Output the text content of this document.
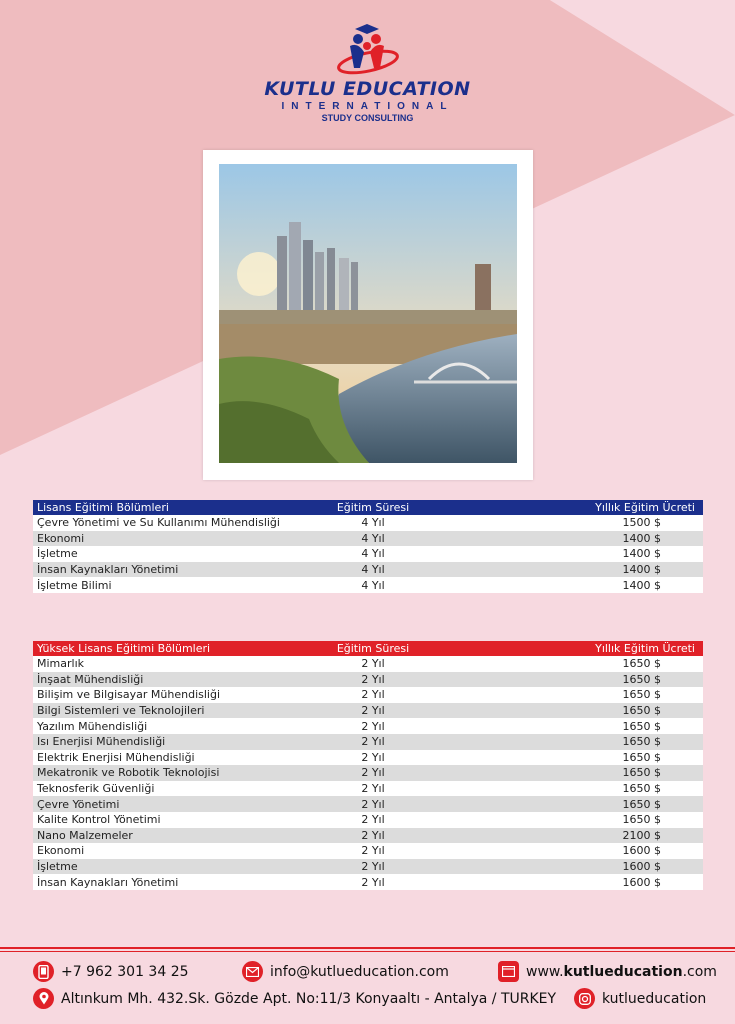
KUTLU EDUCATION
INTERNATIONAL
STUDY CONSULTING
Lisans Eğitimi Bölümleri	Eğitim Süresi	Yıllık Eğitim Ücreti
Çevre Yönetimi ve Su Kullanımı Mühendisliği	4 Yıl	1500 $
Ekonomi	4 Yıl	1400 $
İşletme	4 Yıl	1400 $
İnsan Kaynakları Yönetimi	4 Yıl	1400 $
İşletme Bilimi	4 Yıl	1400 $
Yüksek Lisans Eğitimi Bölümleri	Eğitim Süresi	Yıllık Eğitim Ücreti
Mimarlık	2 Yıl	1650 $
İnşaat Mühendisliği	2 Yıl	1650 $
Bilişim ve Bilgisayar Mühendisliği	2 Yıl	1650 $
Bilgi Sistemleri ve Teknolojileri	2 Yıl	1650 $
Yazılım Mühendisliği	2 Yıl	1650 $
Isı Enerjisi Mühendisliği	2 Yıl	1650 $
Elektrik Enerjisi Mühendisliği	2 Yıl	1650 $
Mekatronik ve Robotik Teknolojisi	2 Yıl	1650 $
Teknosferik Güvenliği	2 Yıl	1650 $
Çevre Yönetimi	2 Yıl	1650 $
Kalite Kontrol Yönetimi	2 Yıl	1650 $
Nano Malzemeler	2 Yıl	2100 $
Ekonomi	2 Yıl	1600 $
İşletme	2 Yıl	1600 $
İnsan Kaynakları Yönetimi	2 Yıl	1600 $
+7 962 301 34 25	info@kutlueducation.com	www.kutlueducation.com
Altınkum Mh. 432.Sk. Gözde Apt. No:11/3 Konyaaltı - Antalya / TURKEY	kutlueducation
